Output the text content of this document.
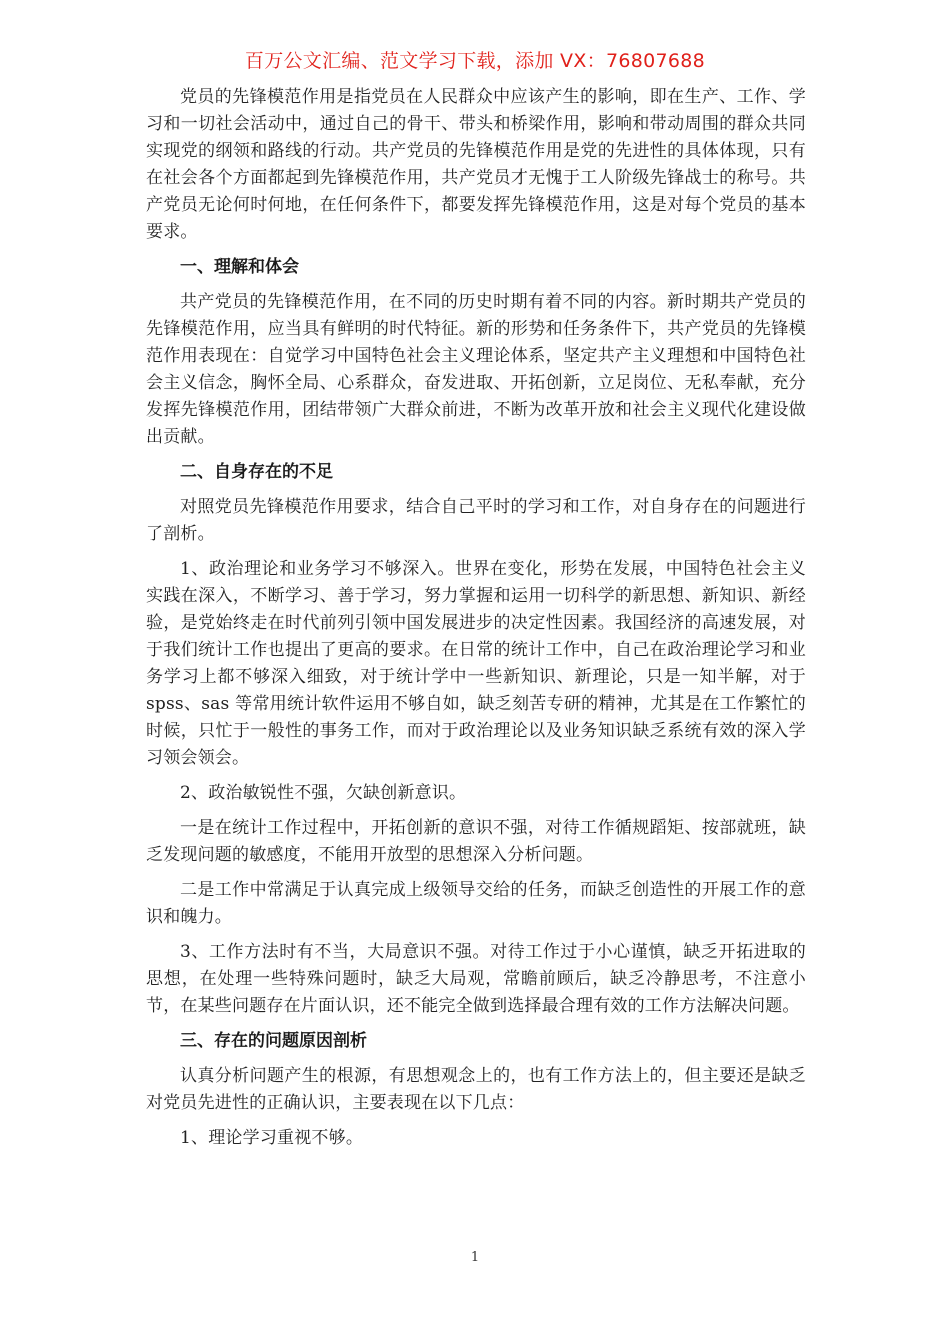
百万公文汇编、范文学习下载，添加 VX：76807688

党员的先锋模范作用是指党员在人民群众中应该产生的影响，即在生产、工作、学习和一切社会活动中，通过自己的骨干、带头和桥梁作用，影响和带动周围的群众共同实现党的纲领和路线的行动。共产党员的先锋模范作用是党的先进性的具体体现，只有在社会各个方面都起到先锋模范作用，共产党员才无愧于工人阶级先锋战士的称号。共产党员无论何时何地，在任何条件下，都要发挥先锋模范作用，这是对每个党员的基本要求。

一、理解和体会

共产党员的先锋模范作用，在不同的历史时期有着不同的内容。新时期共产党员的先锋模范作用，应当具有鲜明的时代特征。新的形势和任务条件下，共产党员的先锋模范作用表现在：自觉学习中国特色社会主义理论体系，坚定共产主义理想和中国特色社会主义信念，胸怀全局、心系群众，奋发进取、开拓创新，立足岗位、无私奉献，充分发挥先锋模范作用，团结带领广大群众前进，不断为改革开放和社会主义现代化建设做出贡献。

二、自身存在的不足

对照党员先锋模范作用要求，结合自己平时的学习和工作，对自身存在的问题进行了剖析。

1、政治理论和业务学习不够深入。世界在变化，形势在发展，中国特色社会主义实践在深入，不断学习、善于学习，努力掌握和运用一切科学的新思想、新知识、新经验，是党始终走在时代前列引领中国发展进步的决定性因素。我国经济的高速发展，对于我们统计工作也提出了更高的要求。在日常的统计工作中，自己在政治理论学习和业务学习上都不够深入细致，对于统计学中一些新知识、新理论，只是一知半解，对于 spss、sas 等常用统计软件运用不够自如，缺乏刻苦专研的精神，尤其是在工作繁忙的时候，只忙于一般性的事务工作，而对于政治理论以及业务知识缺乏系统有效的深入学习领会领会。

2、政治敏锐性不强，欠缺创新意识。

一是在统计工作过程中，开拓创新的意识不强，对待工作循规蹈矩、按部就班，缺乏发现问题的敏感度，不能用开放型的思想深入分析问题。

二是工作中常满足于认真完成上级领导交给的任务，而缺乏创造性的开展工作的意识和魄力。

3、工作方法时有不当，大局意识不强。对待工作过于小心谨慎，缺乏开拓进取的思想，在处理一些特殊问题时，缺乏大局观，常瞻前顾后，缺乏冷静思考，不注意小节，在某些问题存在片面认识，还不能完全做到选择最合理有效的工作方法解决问题。

三、存在的问题原因剖析

认真分析问题产生的根源，有思想观念上的，也有工作方法上的，但主要还是缺乏对党员先进性的正确认识，主要表现在以下几点：

1、理论学习重视不够。

1
